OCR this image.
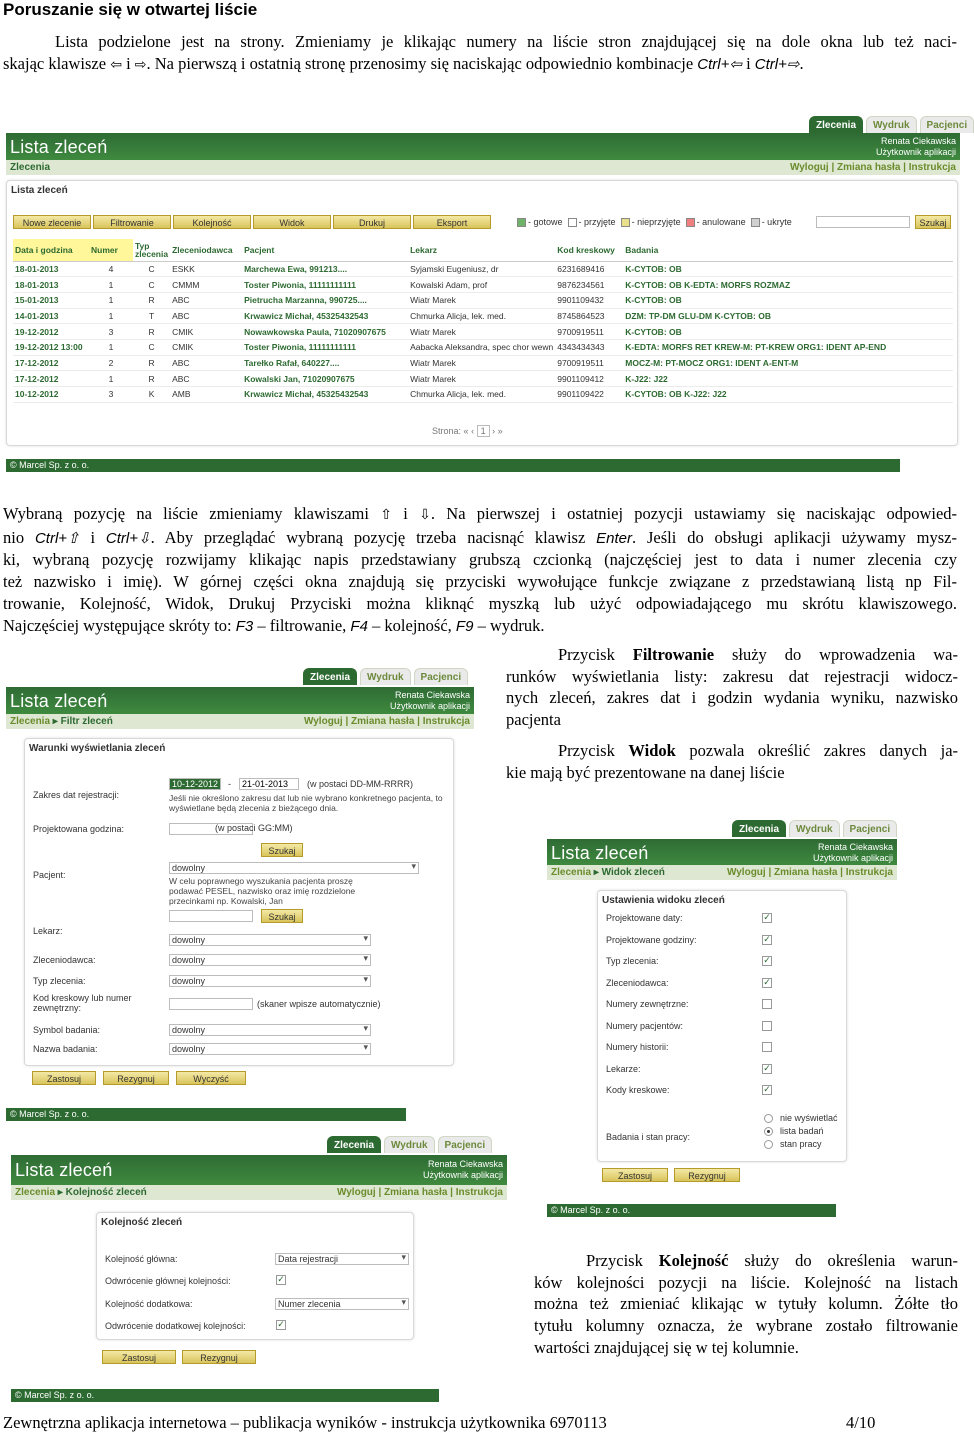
Poruszanie się w otwartej liście
Lista podzielone jest na strony. Zmieniamy je klikając numery na liście stron znajdującej się na dole okna lub też naci-
skając klawisze ⇦ i ⇨. Na pierwszą i ostatnią stronę przenosimy się naciskając odpowiednio kombinacje Ctrl+⇦ i Ctrl+⇨.
Zlecenia	Wydruk	Pacjenci
Lista zleceń	Renata Ciekawska
Użytkownik aplikacji
Zlecenia	Wyloguj | Zmiana hasła | Instrukcja
Lista zleceń
Nowe zlecenie	Filtrowanie	Kolejność	Widok	Drukuj	Eksport	- gotowe - przyjęte - nieprzyjęte - anulowane - ukryte	Szukaj
Data i godzina	Numer	Typ zlecenia	Zleceniodawca	Pacjent	Lekarz	Kod kreskowy	Badania
18-01-2013	4	C	ESKK	Marchewa Ewa, 991213....	Syjamski Eugeniusz, dr	6231689416	K-CYTOB: OB
18-01-2013	1	C	CMMM	Toster Piwonia, 11111111111	Kowalski Adam, prof	9876234561	K-CYTOB: OB K-EDTA: MORFS ROZMAZ
15-01-2013	1	R	ABC	Pietrucha Marzanna, 990725....	Wiatr Marek	9901109432	K-CYTOB: OB
14-01-2013	1	T	ABC	Krwawicz Michał, 45325432543	Chmurka Alicja, lek. med.	8745864523	DZM: TP-DM GLU-DM K-CYTOB: OB
19-12-2012	3	R	CMIK	Nowawkowska Paula, 71020907675	Wiatr Marek	9700919511	K-CYTOB: OB
19-12-2012 13:00	1	C	CMIK	Toster Piwonia, 11111111111	Aabacka Aleksandra, spec chor wewn	4343434343	K-EDTA: MORFS RET KREW-M: PT-KREW ORG1: IDENT AP-END
17-12-2012	2	R	ABC	Tarełko Rafał, 640227....	Wiatr Marek	9700919511	MOCZ-M: PT-MOCZ ORG1: IDENT A-ENT-M
17-12-2012	1	R	ABC	Kowalski Jan, 71020907675	Wiatr Marek	9901109412	K-J22: J22
10-12-2012	3	K	AMB	Krwawicz Michał, 45325432543	Chmurka Alicja, lek. med.	9901109422	K-CYTOB: OB K-J22: J22
Strona: « ‹ 1 › »
© Marcel Sp. z o. o.
Wybraną pozycję na liście zmieniamy klawiszami ⇧ i ⇩. Na pierwszej i ostatniej pozycji ustawiamy się naciskając odpowied-
nio Ctrl+⇧ i Ctrl+⇩. Aby przeglądać wybraną pozycję trzeba nacisnąć klawisz Enter. Jeśli do obsługi aplikacji używamy mysz-
ki, wybraną pozycję rozwijamy klikając napis przedstawiany grubszą czcionką (najczęściej jest to data i numer zlecenia czy
też nazwisko i imię). W górnej części okna znajdują się przyciski wywołujące funkcje związane z przedstawianą listą np Fil-
trowanie, Kolejność, Widok, Drukuj Przyciski można kliknąć myszką lub użyć odpowiadającego mu skrótu klawiszowego.
Najczęściej występujące skróty to: F3 – filtrowanie, F4 – kolejność, F9 – wydruk.
Zlecenia	Wydruk	Pacjenci
Lista zleceń	Renata Ciekawska
Użytkownik aplikacji
Zlecenia ▸ Filtr zleceń	Wyloguj | Zmiana hasła | Instrukcja
Warunki wyświetlania zleceń
Zakres dat rejestracji:
10-12-2012	-	21-01-2013	(w postaci DD-MM-RRRR)
Jeśli nie określono zakresu dat lub nie wybrano konkretnego pacjenta, to wyświetlane będą zlecenia z bieżącego dnia.
Projektowana godzina:	(w postaci GG:MM)
Szukaj
Pacjent:
dowolny ▾
W celu poprawnego wyszukania pacjenta proszę podawać PESEL, nazwisko oraz imię rozdzielone przecinkami np. Kowalski, Jan
Szukaj
Lekarz:
dowolny ▾
Zleceniodawca:	dowolny ▾
Typ zlecenia:	dowolny ▾
Kod kreskowy lub numer zewnętrzny:	(skaner wpisze automatycznie)
Symbol badania:	dowolny ▾
Nazwa badania:	dowolny ▾
Zastosuj	Rezygnuj	Wyczyść
© Marcel Sp. z o. o.
Przycisk Filtrowanie służy do wprowadzenia wa-
runków wyświetlania listy: zakresu dat rejestracji widocz-
nych zleceń, zakres dat i godzin wydania wyniku, nazwisko
pacjenta
Przycisk Widok pozwala określić zakres danych ja-
kie mają być prezentowane na danej liście
Zlecenia	Wydruk	Pacjenci
Lista zleceń	Renata Ciekawska
Użytkownik aplikacji
Zlecenia ▸ Widok zleceń	Wyloguj | Zmiana hasła | Instrukcja
Ustawienia widoku zleceń
Projektowane daty:	✓
Projektowane godziny:	✓
Typ zlecenia:	✓
Zleceniodawca:	✓
Numery zewnętrzne:
Numery pacjentów:
Numery historii:
Lekarze:	✓
Kody kreskowe:	✓
Badania i stan pracy:
nie wyświetlać
lista badań
stan pracy
Zastosuj	Rezygnuj
© Marcel Sp. z o. o.
Zlecenia	Wydruk	Pacjenci
Lista zleceń	Renata Ciekawska
Użytkownik aplikacji
Zlecenia ▸ Kolejność zleceń	Wyloguj | Zmiana hasła | Instrukcja
Kolejność zleceń
Kolejność główna:	Data rejestracji ▾
Odwrócenie głównej kolejności:	✓
Kolejność dodatkowa:	Numer zlecenia ▾
Odwrócenie dodatkowej kolejności:	✓
Zastosuj	Rezygnuj
© Marcel Sp. z o. o.
Przycisk Kolejność służy do określenia warun-
ków kolejności pozycji na liście. Kolejność na listach
można też zmieniać klikając w tytuły kolumn. Żółte tło
tytułu kolumny oznacza, że wybrane zostało filtrowanie
wartości znajdującej się w tej kolumnie.
Zewnętrzna aplikacja internetowa – publikacja wyników - instrukcja użytkownika 6970113	4/10
